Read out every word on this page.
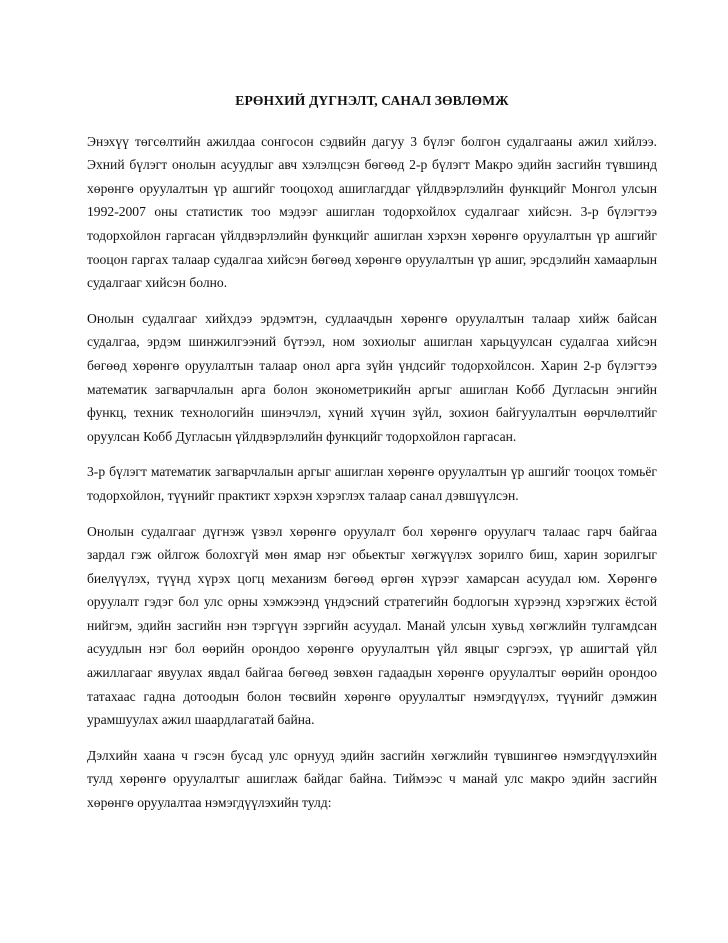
ЕРӨНХИЙ ДҮГНЭЛТ, САНАЛ ЗӨВЛӨМЖ

Энэхүү төгсөлтийн ажилдаа сонгосон сэдвийн дагуу 3 бүлэг болгон судалгааны ажил хийлээ. Эхний бүлэгт онолын асуудлыг авч хэлэлцсэн бөгөөд 2-р бүлэгт Макро эдийн засгийн түвшинд хөрөнгө оруулалтын үр ашгийг тооцоход ашиглагддаг үйлдвэрлэлийн функцийг Монгол улсын 1992-2007 оны статистик тоо мэдээг ашиглан тодорхойлох судалгааг хийсэн. 3-р бүлэгтээ тодорхойлон гаргасан үйлдвэрлэлийн функцийг ашиглан хэрхэн хөрөнгө оруулалтын үр ашгийг тооцон гаргах талаар судалгаа хийсэн бөгөөд хөрөнгө оруулалтын үр ашиг, эрсдэлийн хамаарлын судалгааг хийсэн болно.

Онолын судалгааг хийхдээ эрдэмтэн, судлаачдын хөрөнгө оруулалтын талаар хийж байсан судалгаа, эрдэм шинжилгээний бүтээл, ном зохиолыг ашиглан харьцуулсан судалгаа хийсэн бөгөөд хөрөнгө оруулалтын талаар онол арга зүйн үндсийг тодорхойлсон. Харин 2-р бүлэгтээ математик загварчлалын арга болон эконометрикийн аргыг ашиглан Кобб Дугласын энгийн функц, техник технологийн шинэчлэл, хүний хүчин зүйл, зохион байгуулалтын өөрчлөлтийг оруулсан Кобб Дугласын үйлдвэрлэлийн функцийг тодорхойлон гаргасан.

3-р бүлэгт математик загварчлалын аргыг ашиглан хөрөнгө оруулалтын үр ашгийг тооцох томьёг тодорхойлон, түүнийг практикт хэрхэн хэрэглэх талаар санал дэвшүүлсэн.

Онолын судалгааг дүгнэж үзвэл хөрөнгө оруулалт бол хөрөнгө оруулагч талаас гарч байгаа зардал гэж ойлгож болохгүй мөн ямар нэг обьектыг хөгжүүлэх зорилго биш, харин зорилгыг биелүүлэх, түүнд хүрэх цогц механизм бөгөөд өргөн хүрээг хамарсан асуудал юм. Хөрөнгө оруулалт гэдэг бол улс орны хэмжээнд үндэсний стратегийн бодлогын хүрээнд хэрэгжих ёстой нийгэм, эдийн засгийн нэн тэргүүн зэргийн асуудал. Манай улсын хувьд хөгжлийн тулгамдсан асуудлын нэг бол өөрийн орондоо хөрөнгө оруулалтын үйл явцыг сэргээх, үр ашигтай үйл ажиллагааг явуулах явдал байгаа бөгөөд зөвхөн гадаадын хөрөнгө оруулалтыг өөрийн орондоо татахаас гадна дотоодын болон төсвийн хөрөнгө оруулалтыг нэмэгдүүлэх, түүнийг дэмжин урамшуулах ажил шаардлагатай байна.

Дэлхийн хаана ч гэсэн бусад улс орнууд эдийн засгийн хөгжлийн түвшингөө нэмэгдүүлэхийн тулд хөрөнгө оруулалтыг ашиглаж байдаг байна. Тиймээс ч манай улс макро эдийн засгийн хөрөнгө оруулалтаа нэмэгдүүлэхийн тулд:
